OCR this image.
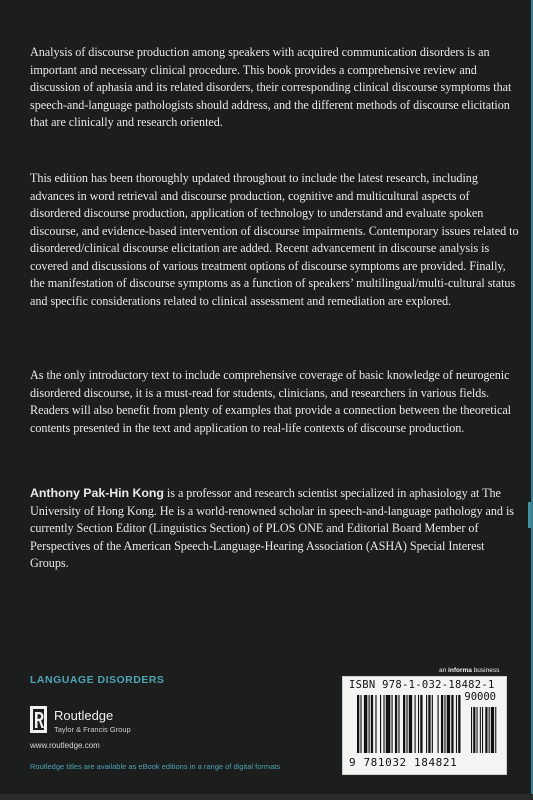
Analysis of discourse production among speakers with acquired communication disorders is an important and necessary clinical procedure. This book provides a comprehensive review and discussion of aphasia and its related disorders, their corresponding clinical discourse symptoms that speech-and-language pathologists should address, and the different methods of discourse elicitation that are clinically and research oriented.

This edition has been thoroughly updated throughout to include the latest research, including advances in word retrieval and discourse production, cognitive and multicultural aspects of disordered discourse production, application of technology to understand and evaluate spoken discourse, and evidence-based intervention of discourse impairments. Contemporary issues related to disordered/clinical discourse elicitation are added. Recent advancement in discourse analysis is covered and discussions of various treatment options of discourse symptoms are provided. Finally, the manifestation of discourse symptoms as a function of speakers’ multilingual/multi-cultural status and specific considerations related to clinical assessment and remediation are explored.

As the only introductory text to include comprehensive coverage of basic knowledge of neurogenic disordered discourse, it is a must-read for students, clinicians, and researchers in various fields. Readers will also benefit from plenty of examples that provide a connection between the theoretical contents presented in the text and application to real-life contexts of discourse production.

Anthony Pak-Hin Kong is a professor and research scientist specialized in aphasiology at The University of Hong Kong. He is a world-renowned scholar in speech-and-language pathology and is currently Section Editor (Linguistics Section) of PLOS ONE and Editorial Board Member of Perspectives of the American Speech-Language-Hearing Association (ASHA) Special Interest Groups.

LANGUAGE DISORDERS
Routledge
Taylor & Francis Group
www.routledge.com
Routledge titles are available as eBook editions in a range of digital formats
an informa business
ISBN 978-1-032-18482-1
90000
9 781032 184821
